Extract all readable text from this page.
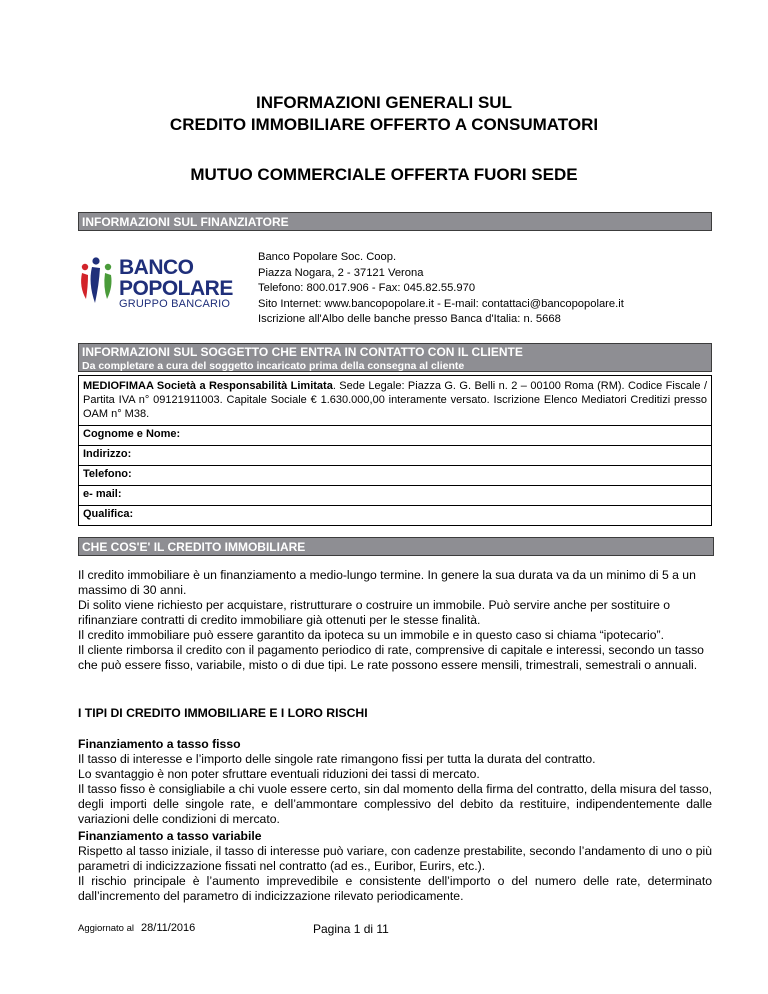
INFORMAZIONI GENERALI SUL
CREDITO IMMOBILIARE OFFERTO A CONSUMATORI
MUTUO COMMERCIALE OFFERTA FUORI SEDE
INFORMAZIONI SUL FINANZIATORE
BANCO
POPOLARE
GRUPPO BANCARIO
Banco Popolare Soc. Coop.
Piazza Nogara, 2 - 37121 Verona
Telefono: 800.017.906 - Fax: 045.82.55.970
Sito Internet: www.bancopopolare.it - E-mail: contattaci@bancopopolare.it
Iscrizione all'Albo delle banche presso Banca d'Italia: n. 5668
INFORMAZIONI SUL SOGGETTO CHE ENTRA IN CONTATTO CON IL CLIENTE
Da completare a cura del soggetto incaricato prima della consegna al cliente
MEDIOFIMAA Società a Responsabilità Limitata. Sede Legale: Piazza G. G. Belli n. 2 – 00100 Roma (RM). Codice Fiscale / Partita IVA n° 09121911003. Capitale Sociale € 1.630.000,00 interamente versato. Iscrizione Elenco Mediatori Creditizi presso OAM n° M38.
Cognome e Nome:
Indirizzo:
Telefono:
e- mail:
Qualifica:
CHE COS'E' IL CREDITO IMMOBILIARE

Il credito immobiliare è un finanziamento a medio-lungo termine. In genere la sua durata va da un minimo di 5 a un massimo di 30 anni.

Di solito viene richiesto per acquistare, ristrutturare o costruire un immobile. Può servire anche per sostituire o rifinanziare contratti di credito immobiliare già ottenuti per le stesse finalità.

Il credito immobiliare può essere garantito da ipoteca su un immobile e in questo caso si chiama “ipotecario”.

Il cliente rimborsa il credito con il pagamento periodico di rate, comprensive di capitale e interessi, secondo un tasso che può essere fisso, variabile, misto o di due tipi. Le rate possono essere mensili, trimestrali, semestrali o annuali.

I TIPI DI CREDITO IMMOBILIARE E I LORO RISCHI

Finanziamento a tasso fisso

Il tasso di interesse e l’importo delle singole rate rimangono fissi per tutta la durata del contratto.

Lo svantaggio è non poter sfruttare eventuali riduzioni dei tassi di mercato.

Il tasso fisso è consigliabile a chi vuole essere certo, sin dal momento della firma del contratto, della misura del tasso, degli importi delle singole rate, e dell’ammontare complessivo del debito da restituire, indipendentemente dalle variazioni delle condizioni di mercato.

Finanziamento a tasso variabile

Rispetto al tasso iniziale, il tasso di interesse può variare, con cadenze prestabilite, secondo l’andamento di uno o più parametri di indicizzazione fissati nel contratto (ad es., Euribor, Eurirs, etc.).

Il rischio principale è l’aumento imprevedibile e consistente dell’importo o del numero delle rate, determinato dall’incremento del parametro di indicizzazione rilevato periodicamente.

Aggiornato al 28/11/2016	Pagina 1 di 11
